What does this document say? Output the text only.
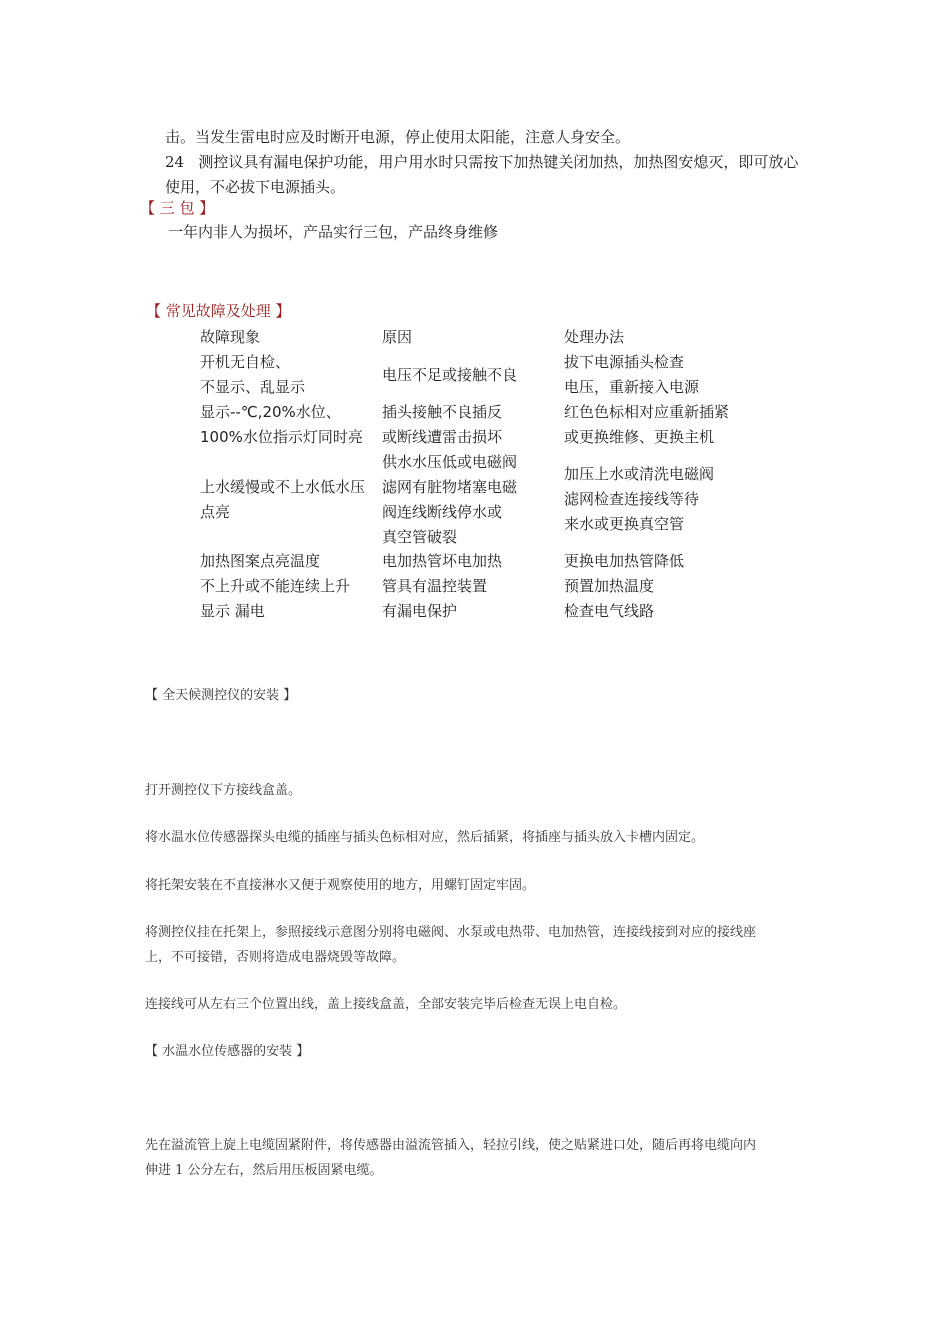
击。当发生雷电时应及时断开电源，停止使用太阳能，注意人身安全。
24 测控议具有漏电保护功能，用户用水时只需按下加热键关闭加热，加热图安熄灭，即可放心
使用，不必拔下电源插头。
【 三 包 】
一年内非人为损坏，产品实行三包，产品终身维修
【 常见故障及处理 】
故障现象	原因	处理办法
开机无自检、
不显示、乱显示
电压不足或接触不良
拔下电源插头检查
电压，重新接入电源
显示--℃,20%水位、
100%水位指示灯同时亮
插头接触不良插反
或断线遭雷击损坏
红色色标相对应重新插紧
或更换维修、更换主机
上水缓慢或不上水低水压
点亮
供水水压低或电磁阀
滤网有脏物堵塞电磁
阀连线断线停水或
真空管破裂
加压上水或清洗电磁阀
滤网检查连接线等待
来水或更换真空管
加热图案点亮温度
不上升或不能连续上升
显示 漏电
电加热管坏电加热
管具有温控装置
有漏电保护
更换电加热管降低
预置加热温度
检查电气线路
【 全天候测控仪的安装 】
打开测控仪下方接线盒盖。
将水温水位传感器探头电缆的插座与插头色标相对应，然后插紧，将插座与插头放入卡槽内固定。
将托架安装在不直接淋水又便于观察使用的地方，用螺钉固定牢固。
将测控仪挂在托架上，参照接线示意图分别将电磁阀、水泵或电热带、电加热管，连接线接到对应的接线座
上，不可接错，否则将造成电器烧毁等故障。
连接线可从左右三个位置出线，盖上接线盒盖，全部安装完毕后检查无误上电自检。
【 水温水位传感器的安装 】
先在溢流管上旋上电缆固紧附件，将传感器由溢流管插入，轻拉引线，使之贴紧进口处，随后再将电缆向内
伸进 1 公分左右，然后用压板固紧电缆。
